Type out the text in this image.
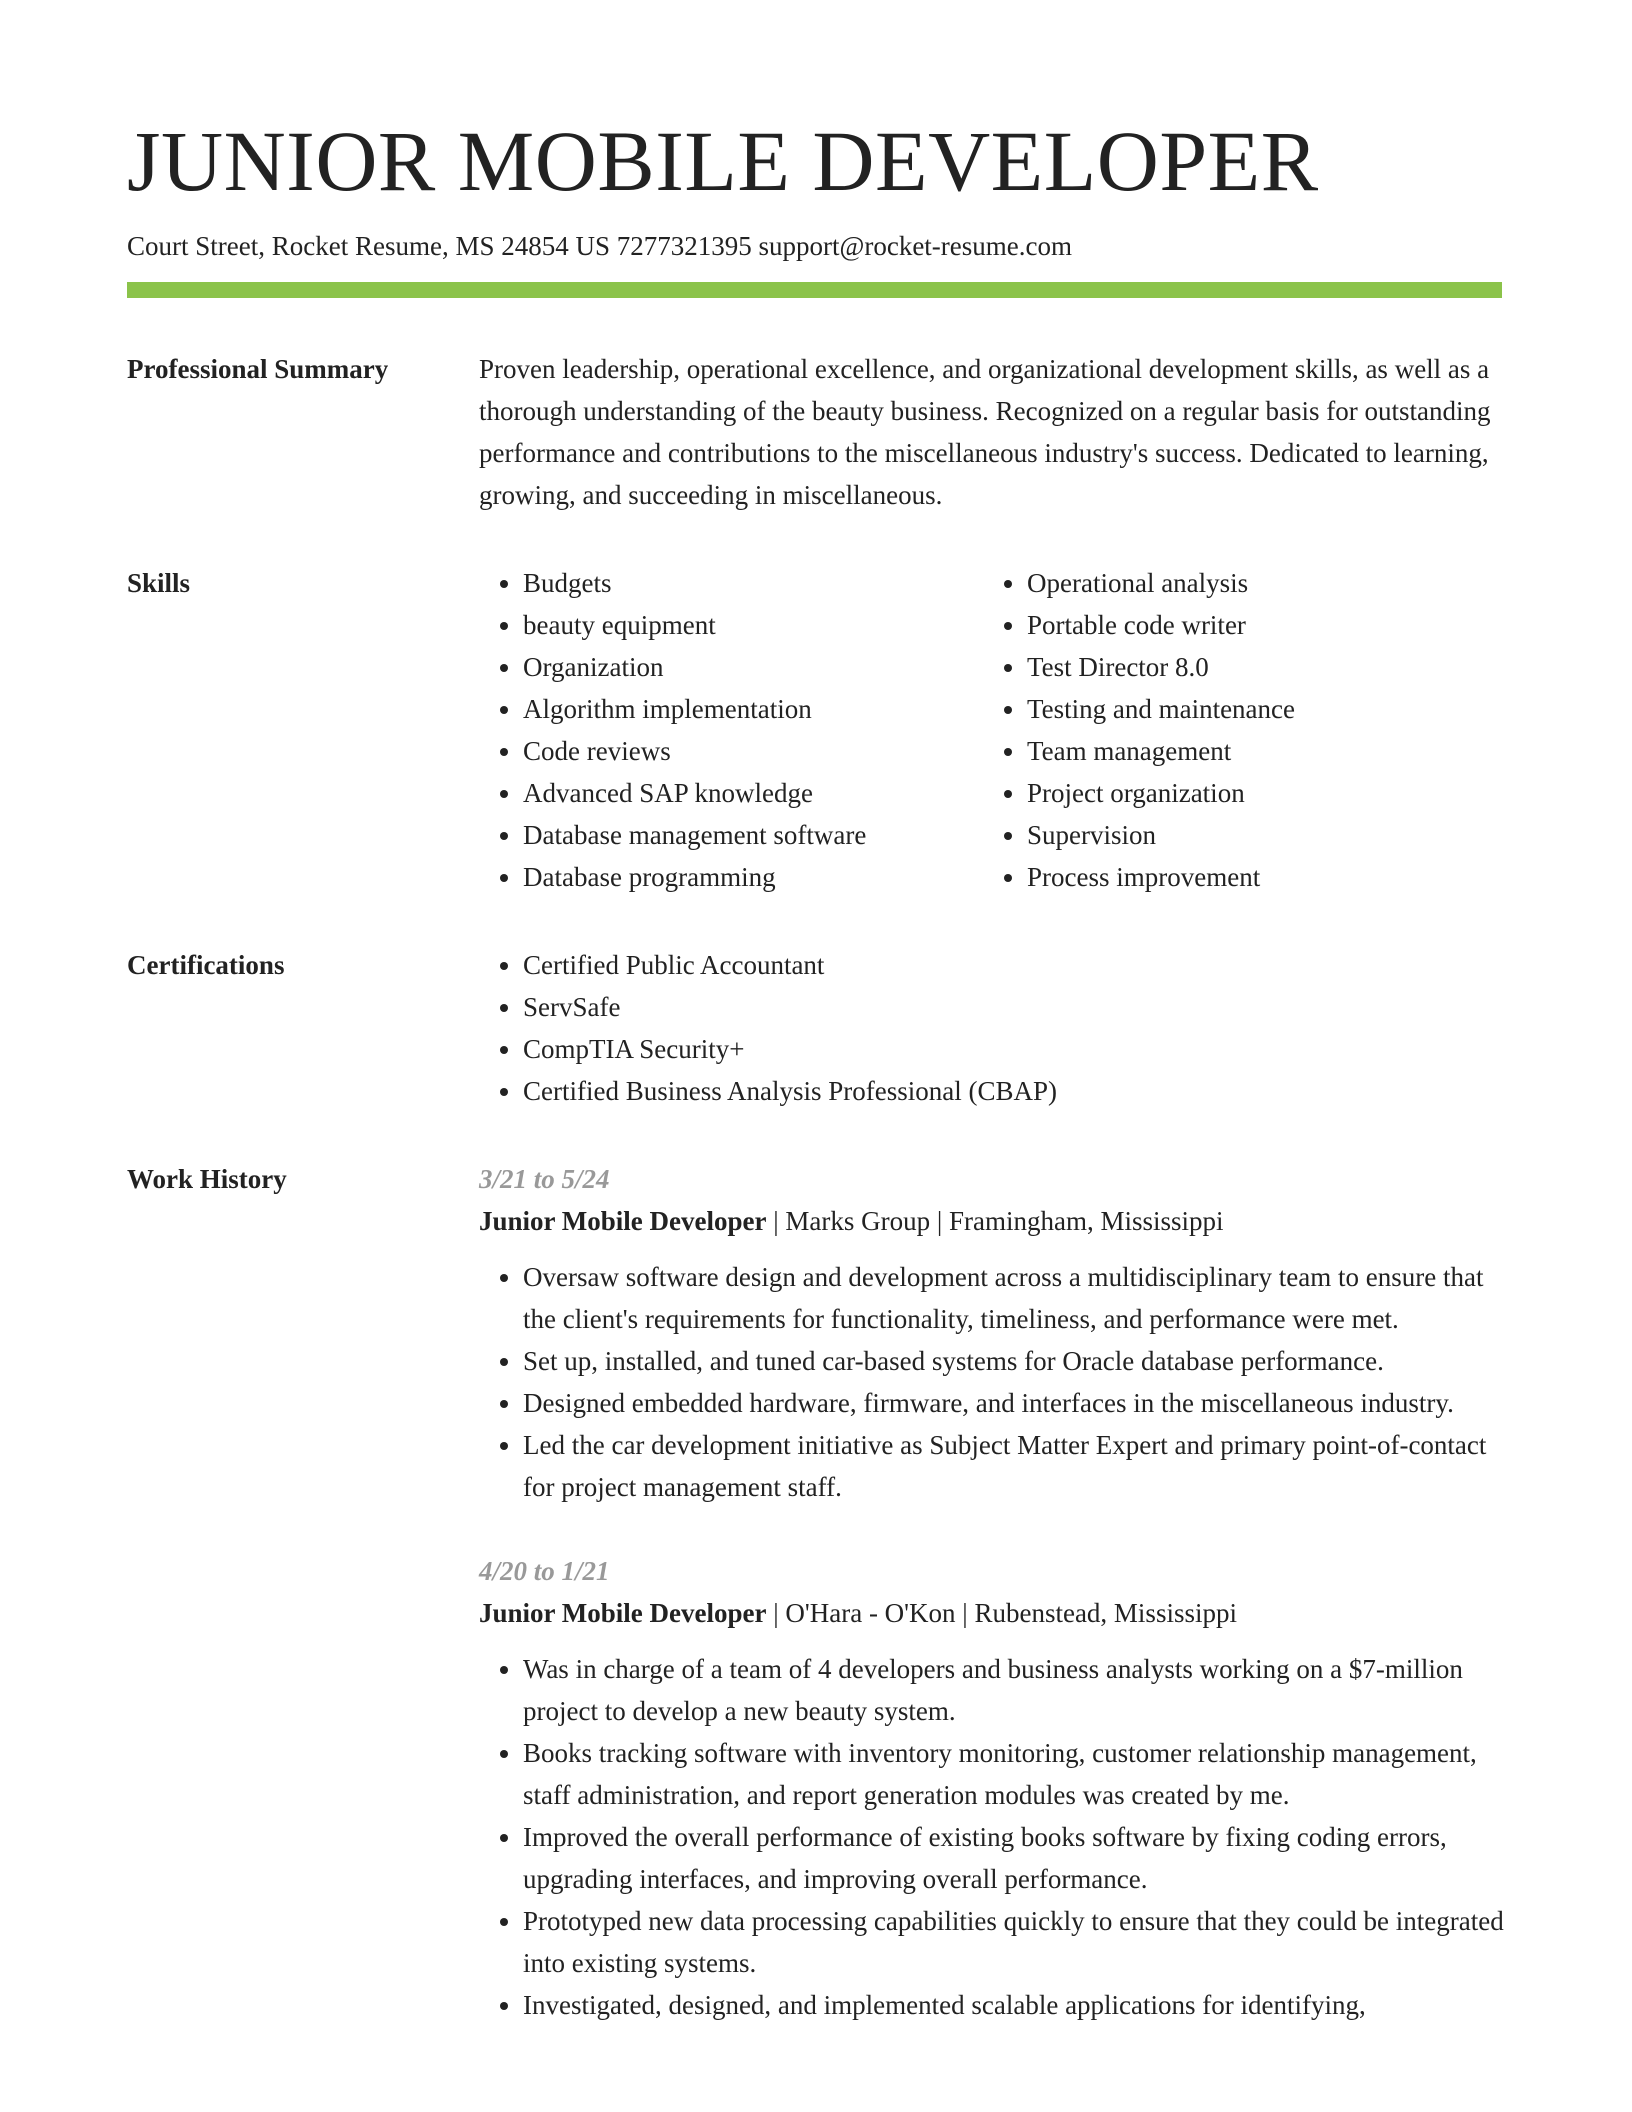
JUNIOR MOBILE DEVELOPER
Court Street, Rocket Resume, MS 24854 US 7277321395 support@rocket-resume.com
Professional Summary	Proven leadership, operational excellence, and organizational development skills, as well as a thorough understanding of the beauty business. Recognized on a regular basis for outstanding performance and contributions to the miscellaneous industry's success. Dedicated to learning, growing, and succeeding in miscellaneous.

Skills	• Budgets
• beauty equipment
• Organization
• Algorithm implementation
• Code reviews
• Advanced SAP knowledge
• Database management software
• Database programming
• Operational analysis
• Portable code writer
• Test Director 8.0
• Testing and maintenance
• Team management
• Project organization
• Supervision
• Process improvement
Certifications	• Certified Public Accountant
• ServSafe
• CompTIA Security+
• Certified Business Analysis Professional (CBAP)
Work History	3/21 to 5/24
Junior Mobile Developer | Marks Group | Framingham, Mississippi
• Oversaw software design and development across a multidisciplinary team to ensure that the client's requirements for functionality, timeliness, and performance were met.
• Set up, installed, and tuned car-based systems for Oracle database performance.
• Designed embedded hardware, firmware, and interfaces in the miscellaneous industry.
• Led the car development initiative as Subject Matter Expert and primary point-of-contact for project management staff.
4/20 to 1/21
Junior Mobile Developer | O'Hara - O'Kon | Rubenstead, Mississippi
• Was in charge of a team of 4 developers and business analysts working on a $7-million project to develop a new beauty system.
• Books tracking software with inventory monitoring, customer relationship management, staff administration, and report generation modules was created by me.
• Improved the overall performance of existing books software by fixing coding errors, upgrading interfaces, and improving overall performance.
• Prototyped new data processing capabilities quickly to ensure that they could be integrated into existing systems.
• Investigated, designed, and implemented scalable applications for identifying,
